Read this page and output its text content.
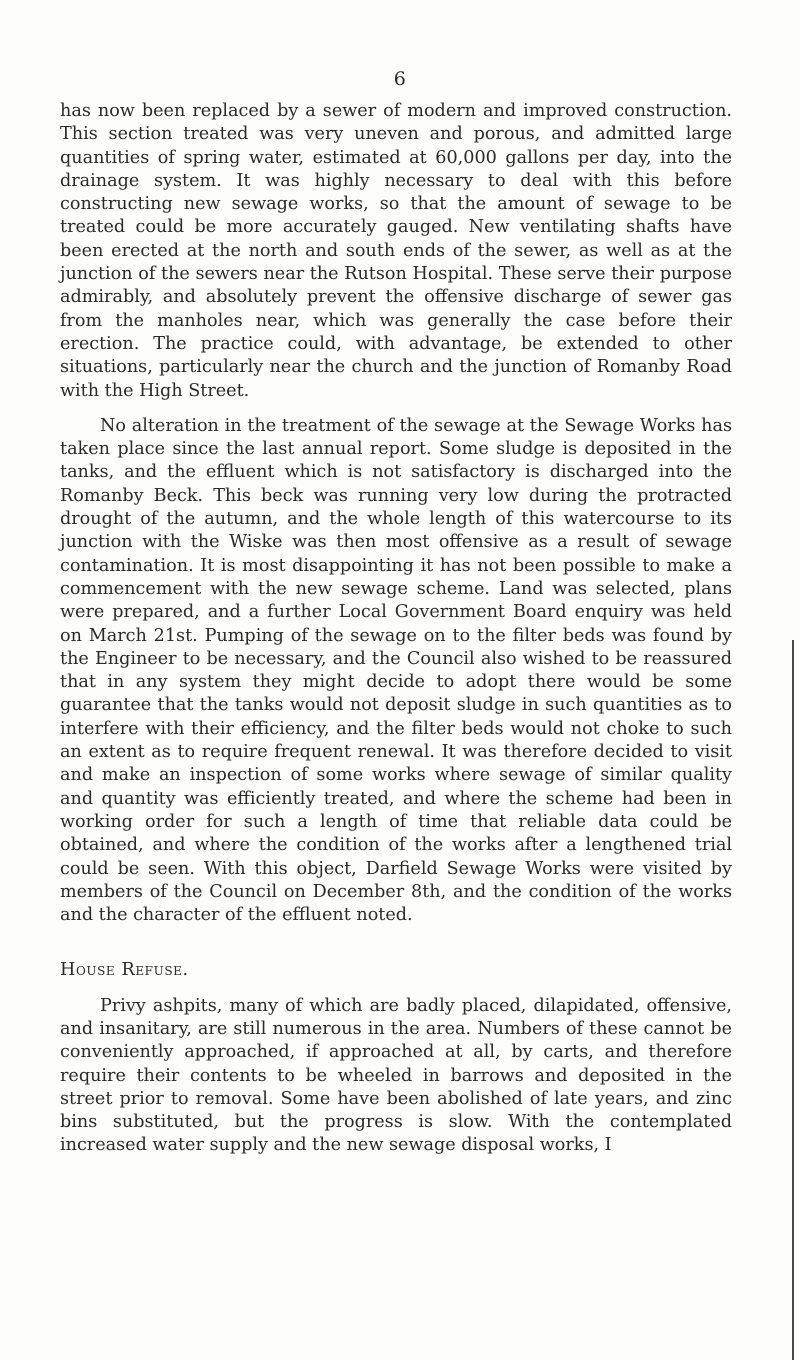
6

has now been replaced by a sewer of modern and improved construction. This section treated was very uneven and porous, and admitted large quantities of spring water, estimated at 60,000 gallons per day, into the drainage system. It was highly necessary to deal with this before constructing new sewage works, so that the amount of sewage to be treated could be more accurately gauged. New ventilating shafts have been erected at the north and south ends of the sewer, as well as at the junction of the sewers near the Rutson Hospital. These serve their purpose admirably, and absolutely prevent the offensive discharge of sewer gas from the manholes near, which was generally the case before their erection. The practice could, with advantage, be extended to other situations, particularly near the church and the junction of Romanby Road with the High Street.

No alteration in the treatment of the sewage at the Sewage Works has taken place since the last annual report. Some sludge is deposited in the tanks, and the effluent which is not satisfactory is discharged into the Romanby Beck. This beck was running very low during the protracted drought of the autumn, and the whole length of this watercourse to its junction with the Wiske was then most offensive as a result of sewage contamination. It is most disappointing it has not been possible to make a commencement with the new sewage scheme. Land was selected, plans were prepared, and a further Local Government Board enquiry was held on March 21st. Pumping of the sewage on to the filter beds was found by the Engineer to be necessary, and the Council also wished to be reassured that in any system they might decide to adopt there would be some guarantee that the tanks would not deposit sludge in such quantities as to interfere with their efficiency, and the filter beds would not choke to such an extent as to require frequent renewal. It was therefore decided to visit and make an inspection of some works where sewage of similar quality and quantity was efficiently treated, and where the scheme had been in working order for such a length of time that reliable data could be obtained, and where the condition of the works after a lengthened trial could be seen. With this object, Darfield Sewage Works were visited by members of the Council on December 8th, and the condition of the works and the character of the effluent noted.

House Refuse.

Privy ashpits, many of which are badly placed, dilapidated, offensive, and insanitary, are still numerous in the area. Numbers of these cannot be conveniently approached, if approached at all, by carts, and therefore require their contents to be wheeled in barrows and deposited in the street prior to removal. Some have been abolished of late years, and zinc bins substituted, but the progress is slow. With the contemplated increased water supply and the new sewage disposal works, I
